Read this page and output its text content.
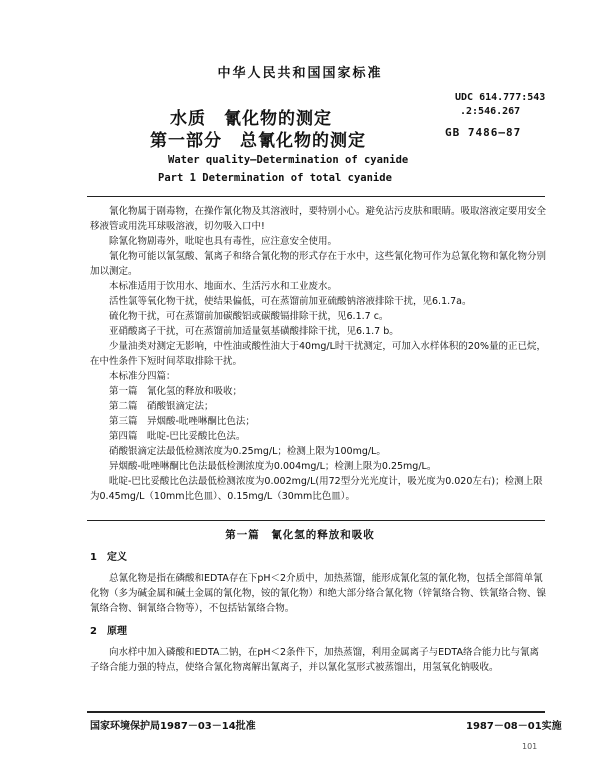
中华人民共和国国家标准
水质　氰化物的测定
第一部分　总氰化物的测定
UDC 614.777:543
.2:546.267
GB 7486—87
Water quality—Determination of cyanide
Part 1 Determination of total cyanide

氰化物属于剧毒物，在操作氰化物及其溶液时，要特别小心。避免沾污皮肤和眼睛。吸取溶液定要用安全移液管或用洗耳球吸溶液，切勿吸入口中!

除氰化物剧毒外，吡啶也具有毒性，应注意安全使用。

氰化物可能以氰氢酸、氰离子和络合氰化物的形式存在于水中，这些氰化物可作为总氰化物和氰化物分别加以测定。

本标准适用于饮用水、地面水、生活污水和工业废水。

活性氯等氧化物干扰，使结果偏低，可在蒸馏前加亚硫酸钠溶液排除干扰，见6.1.7a。

硫化物干扰，可在蒸馏前加碳酸铝或碳酸镉排除干扰，见6.1.7 c。

亚硝酸离子干扰，可在蒸馏前加适量氨基磺酸排除干扰，见6.1.7 b。

少量油类对测定无影响，中性油或酸性油大于40mg/L时干扰测定，可加入水样体积的20%量的正已烷，在中性条件下短时间萃取排除干扰。

本标准分四篇：

第一篇　氰化氢的释放和吸收；

第二篇　硝酸银滴定法；

第三篇　异烟酸-吡唑啉酮比色法；

第四篇　吡啶-巴比妥酸比色法。

硝酸银滴定法最低检测浓度为0.25mg/L；检测上限为100mg/L。

异烟酸-吡唑啉酮比色法最低检测浓度为0.004mg/L；检测上限为0.25mg/L。

吡啶-巴比妥酸比色法最低检测浓度为0.002mg/L(用72型分光光度计，吸光度为0.020左右)；检测上限为0.45mg/L（10mm比色皿）、0.15mg/L（30mm比色皿）。

第一篇　氰化氢的释放和吸收

1　定义

总氰化物是指在磷酸和EDTA存在下pH＜2介质中，加热蒸馏，能形成氰化氢的氰化物，包括全部简单氰化物（多为碱金属和碱土金属的氰化物，铵的氰化物）和绝大部分络合氰化物（锌氰络合物、铁氰络合物、镍氰络合物、铜氰络合物等），不包括钴氰络合物。

2　原理

向水样中加入磷酸和EDTA二钠，在pH＜2条件下，加热蒸馏，利用金属离子与EDTA络合能力比与氰离子络合能力强的特点，使络合氰化物离解出氰离子，并以氰化氢形式被蒸馏出，用氢氧化钠吸收。

国家环境保护局1987－03－14批准	1987－08－01实施
101
